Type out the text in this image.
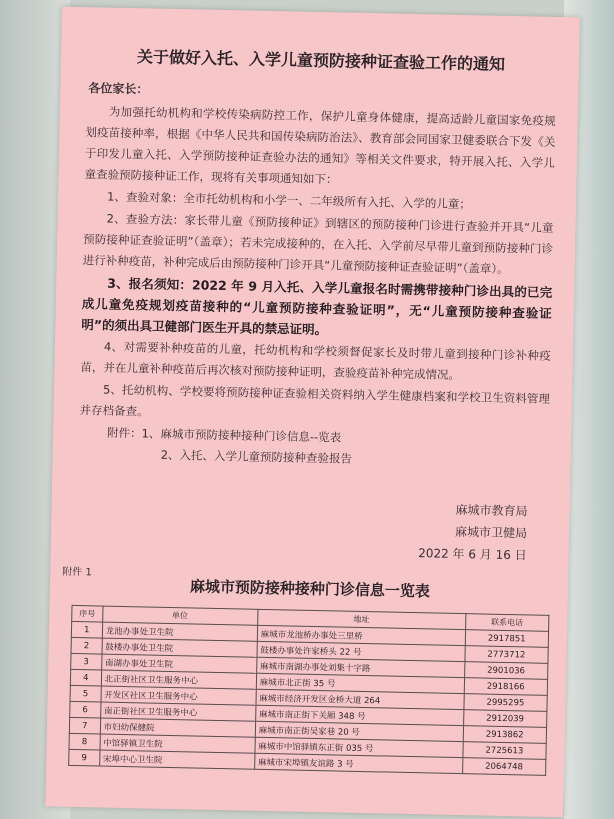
关于做好入托、入学儿童预防接种证查验工作的通知
各位家长：

为加强托幼机构和学校传染病防控工作，保护儿童身体健康，提高适龄儿童国家免疫规划疫苗接种率，根据《中华人民共和国传染病防治法》、教育部会同国家卫健委联合下发《关于印发儿童入托、入学预防接种证查验办法的通知》等相关文件要求，特开展入托、入学儿童查验预防接种证工作，现将有关事项通知如下：

1、查验对象：全市托幼机构和小学一、二年级所有入托、入学的儿童；

2、查验方法：家长带儿童《预防接种证》到辖区的预防接种门诊进行查验并开具“儿童预防接种证查验证明”（盖章）；若未完成接种的，在入托、入学前尽早带儿童到预防接种门诊进行补种疫苗，补种完成后由预防接种门诊开具“儿童预防接种证查验证明”（盖章）。

3、报名须知：2022 年 9 月入托、入学儿童报名时需携带接种门诊出具的已完成儿童免疫规划疫苗接种的“儿童预防接种查验证明”，无“儿童预防接种查验证明”的须出具卫健部门医生开具的禁忌证明。

4、对需要补种疫苗的儿童，托幼机构和学校须督促家长及时带儿童到接种门诊补种疫苗，并在儿童补种疫苗后再次核对预防接种证明，查验疫苗补种完成情况。

5、托幼机构、学校要将预防接种证查验相关资料纳入学生健康档案和学校卫生资料管理并存档备查。

附件：1、麻城市预防接种接种门诊信息--览表

2、入托、入学儿童预防接种查验报告

麻城市教育局
麻城市卫健局
2022 年 6 月 16 日
附件 1
麻城市预防接种接种门诊信息一览表
序号	单位	地址	联系电话
1	龙池办事处卫生院	麻城市龙池桥办事处三里桥	2917851
2	鼓楼办事处卫生院	鼓楼办事处许家桥头 22 号	2773712
3	南湖办事处卫生院	麻城市南湖办事处刘集十字路	2901036
4	北正街社区卫生服务中心	麻城市北正街 35 号	2918166
5	开发区社区卫生服务中心	麻城市经济开发区金桥大道 264	2995295
6	南正街社区卫生服务中心	麻城市南正街下关厢 348 号	2912039
7	市妇幼保健院	麻城市南正街吴家巷 20 号	2913862
8	中馆驿镇卫生院	麻城市中馆驿镇东正街 035 号	2725613
9	宋埠中心卫生院	麻城市宋埠镇友谊路 3 号	2064748
